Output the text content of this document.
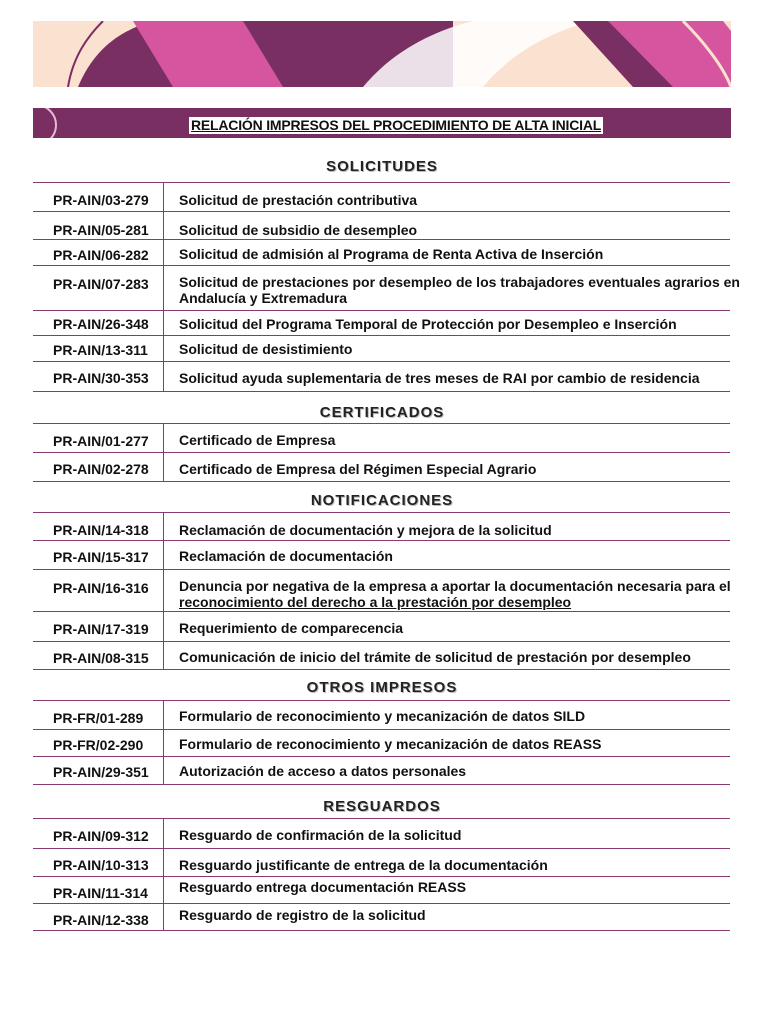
RELACIÓN IMPRESOS DEL PROCEDIMIENTO DE ALTA INICIAL
SOLICITUDES
PR-AIN/03-279 Solicitud de prestación contributiva
PR-AIN/05-281 Solicitud de subsidio de desempleo
PR-AIN/06-282 Solicitud de admisión al Programa de Renta Activa de Inserción
PR-AIN/07-283 Solicitud de prestaciones por desempleo de los trabajadores eventuales agrarios en
Andalucía y Extremadura
PR-AIN/26-348 Solicitud del Programa Temporal de Protección por Desempleo e Inserción
PR-AIN/13-311 Solicitud de desistimiento
PR-AIN/30-353 Solicitud ayuda suplementaria de tres meses de RAI por cambio de residencia
CERTIFICADOS
PR-AIN/01-277 Certificado de Empresa
PR-AIN/02-278 Certificado de Empresa del Régimen Especial Agrario
NOTIFICACIONES
PR-AIN/14-318 Reclamación de documentación y mejora de la solicitud
PR-AIN/15-317 Reclamación de documentación
PR-AIN/16-316 Denuncia por negativa de la empresa a aportar la documentación necesaria para el
reconocimiento del derecho a la prestación por desempleo
PR-AIN/17-319 Requerimiento de comparecencia
PR-AIN/08-315 Comunicación de inicio del trámite de solicitud de prestación por desempleo
OTROS IMPRESOS
PR-FR/01-289	Formulario de reconocimiento y mecanización de datos SILD
PR-FR/02-290	Formulario de reconocimiento y mecanización de datos REASS
PR-AIN/29-351 Autorización de acceso a datos personales
RESGUARDOS
PR-AIN/09-312 Resguardo de confirmación de la solicitud
PR-AIN/10-313 Resguardo justificante de entrega de la documentación
PR-AIN/11-314 Resguardo entrega documentación REASS
PR-AIN/12-338 Resguardo de registro de la solicitud
